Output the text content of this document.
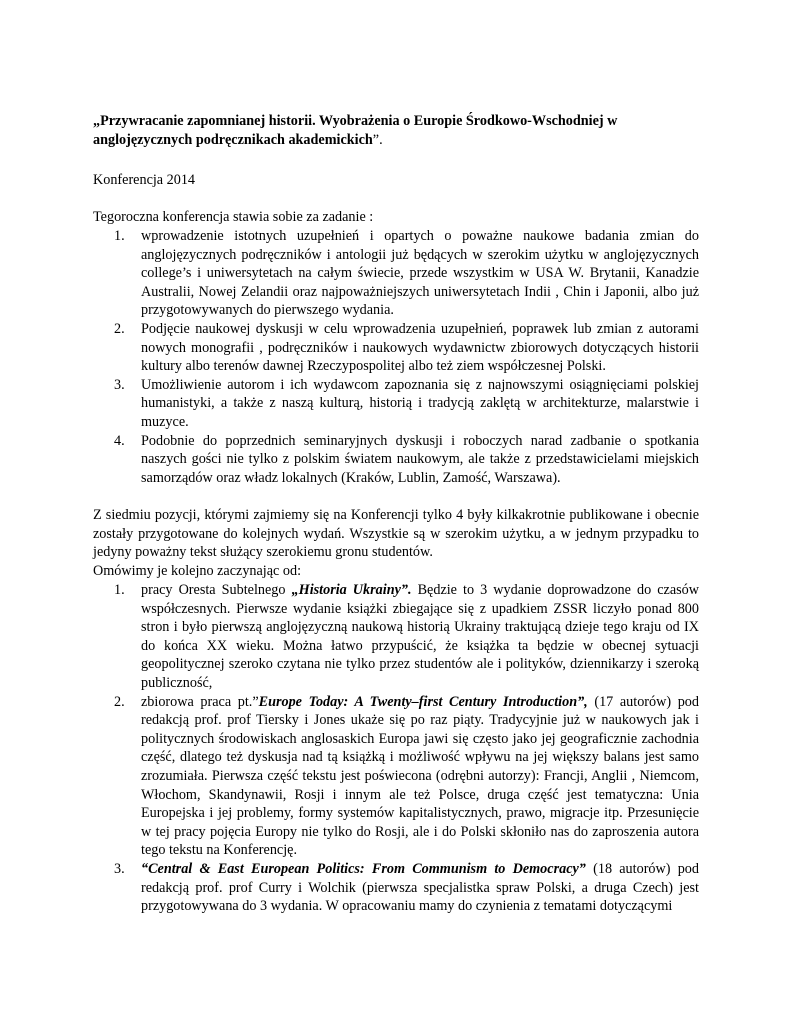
„Przywracanie zapomnianej historii. Wyobrażenia o Europie Środkowo-Wschodniej w anglojęzycznych podręcznikach akademickich”.
Konferencja 2014
Tegoroczna konferencja stawia sobie za zadanie :
1. wprowadzenie istotnych uzupełnień i opartych o poważne naukowe badania zmian do anglojęzycznych podręczników i antologii już będących w szerokim użytku w anglojęzycznych college’s i uniwersytetach na całym świecie, przede wszystkim w USA W. Brytanii, Kanadzie Australii, Nowej Zelandii oraz najpoważniejszych uniwersytetach Indii , Chin i Japonii, albo już przygotowywanych do pierwszego wydania.
2. Podjęcie naukowej dyskusji w celu wprowadzenia uzupełnień, poprawek lub zmian z autorami nowych monografii , podręczników i naukowych wydawnictw zbiorowych dotyczących historii kultury albo terenów dawnej Rzeczypospolitej albo też ziem współczesnej Polski.
3. Umożliwienie autorom i ich wydawcom zapoznania się z najnowszymi osiągnięciami polskiej humanistyki, a także z naszą kulturą, historią i tradycją zaklętą w architekturze, malarstwie i muzyce.
4. Podobnie do poprzednich seminaryjnych dyskusji i roboczych narad zadbanie o spotkania naszych gości nie tylko z polskim światem naukowym, ale także z przedstawicielami miejskich samorządów oraz władz lokalnych (Kraków, Lublin, Zamość, Warszawa).
Z siedmiu pozycji, którymi zajmiemy się na Konferencji tylko 4 były kilkakrotnie publikowane i obecnie zostały przygotowane do kolejnych wydań. Wszystkie są w szerokim użytku, a w jednym przypadku to jedyny poważny tekst służący szerokiemu gronu studentów.
Omówimy je kolejno zaczynając od:
1. pracy Oresta Subtelnego „Historia Ukrainy”. Będzie to 3 wydanie doprowadzone do czasów współczesnych. Pierwsze wydanie książki zbiegające się z upadkiem ZSSR liczyło ponad 800 stron i było pierwszą anglojęzyczną naukową historią Ukrainy traktującą dzieje tego kraju od IX do końca XX wieku. Można łatwo przypuścić, że książka ta będzie w obecnej sytuacji geopolitycznej szeroko czytana nie tylko przez studentów ale i polityków, dziennikarzy i szeroką publiczność,
2. zbiorowa praca pt.”Europe Today: A Twenty–first Century Introduction”, (17 autorów) pod redakcją prof. prof Tiersky i Jones ukaże się po raz piąty. Tradycyjnie już w naukowych jak i politycznych środowiskach anglosaskich Europa jawi się często jako jej geograficznie zachodnia część, dlatego też dyskusja nad tą książką i możliwość wpływu na jej większy balans jest samo zrozumiała. Pierwsza część tekstu jest poświecona (odrębni autorzy): Francji, Anglii , Niemcom, Włochom, Skandynawii, Rosji i innym ale też Polsce, druga część jest tematyczna: Unia Europejska i jej problemy, formy systemów kapitalistycznych, prawo, migracje itp. Przesunięcie w tej pracy pojęcia Europy nie tylko do Rosji, ale i do Polski skłoniło nas do zaproszenia autora tego tekstu na Konferencję.
3. “Central & East European Politics: From Communism to Democracy” (18 autorów) pod redakcją prof. prof Curry i Wolchik (pierwsza specjalistka spraw Polski, a druga Czech) jest przygotowywana do 3 wydania. W opracowaniu mamy do czynienia z tematami dotyczącymi
